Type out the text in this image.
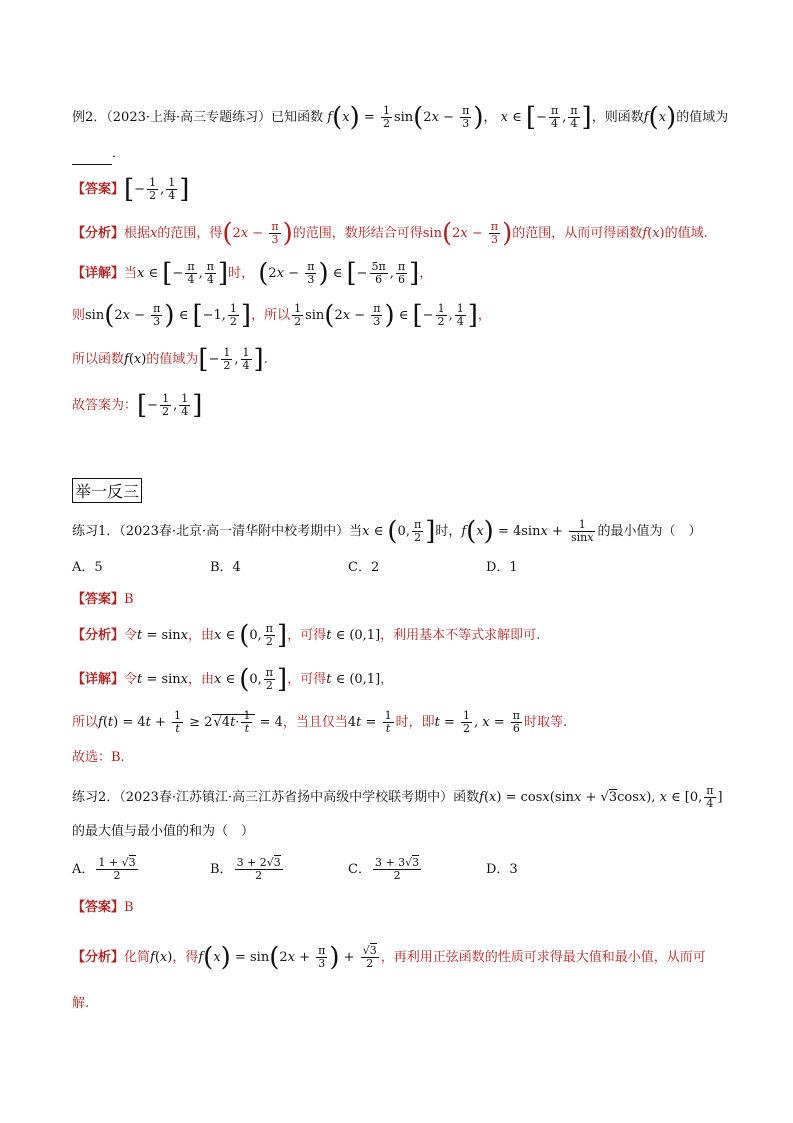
例2．（2023·上海·高三专题练习）已知函数 $f(x) = \frac{1}{2} \sin(2x - \frac{\pi}{3}$ )， x ∈ [− $\frac{\pi}{4}$ , $\frac{\pi}{4}$ ]，则函数f(x)的值域为
．
【答案】[− $\frac{1}{2}$ , $\frac{1}{4}$ ]
【分析】根据x的范围，得($2x - \frac{\pi}{3}$ )的范围，数形结合可得$\sin(2x - \frac{\pi}{3}$ )的范围，从而可得函数f(x)的值域.
【详解】当x ∈ [− $\frac{\pi}{4}$ , $\frac{\pi}{4}$ ]时， ($2x - \frac{\pi}{3}$ ) ∈ [− $\frac{5\pi}{6}$ , $\frac{\pi}{6}$ ]，
则$\sin(2x - \frac{\pi}{3}$ ) ∈ [−1, $\frac{1}{2}$ ]，所以 $\frac{1}{2} \sin(2x - \frac{\pi}{3}$ ) ∈ [− $\frac{1}{2}$ , $\frac{1}{4}$ ]，
所以函数f(x)的值域为[− $\frac{1}{2}$ , $\frac{1}{4}$ ].
故答案为：[− $\frac{1}{2}$ , $\frac{1}{4}$ ]
举一反三
练习1．（2023春·北京·高一清华附中校考期中）当x ∈ (0, $\frac{\pi}{2}$ ]时，$f(x) = 4\sin x + \frac{1}{\sin x}$ 的最小值为（　）
A．5	B．4	C．2	D．1
【答案】B
【分析】令t = sinx，由x ∈ (0, $\frac{\pi}{2}$ ]，可得t ∈ (0,1]，利用基本不等式求解即可.
【详解】令t = sinx，由x ∈ (0, $\frac{\pi}{2}$ ]，可得t ∈ (0,1]，
所以$f(t) = 4t + \frac{1}{t} \ge 2√4t\cdot \frac{1}{t} = 4$，当且仅当$4t = \frac{1}{t}$ 时，即$t = \frac{1}{2}$ , $x = \frac{\pi}{6}$ 时取等.
故选：B.
练习2．（2023春·江苏镇江·高三江苏省扬中高级中学校联考期中）函数f(x) = cosx(sinx + √3cosx), x ∈ [0, $\frac{\pi}{4}$ ]
的最大值与最小值的和为（　）
A． $\frac{1 + √3}{2}$	B． $\frac{3 + 2√3}{2}$	C． $\frac{3 + 3√3}{2}$	D．3
【答案】B
【分析】化简f(x)，得$f(x) = \sin(2x + \frac{\pi}{3}$ ) + $\frac{√3}{2}$ ，再利用正弦函数的性质可求得最大值和最小值，从而可
解.
